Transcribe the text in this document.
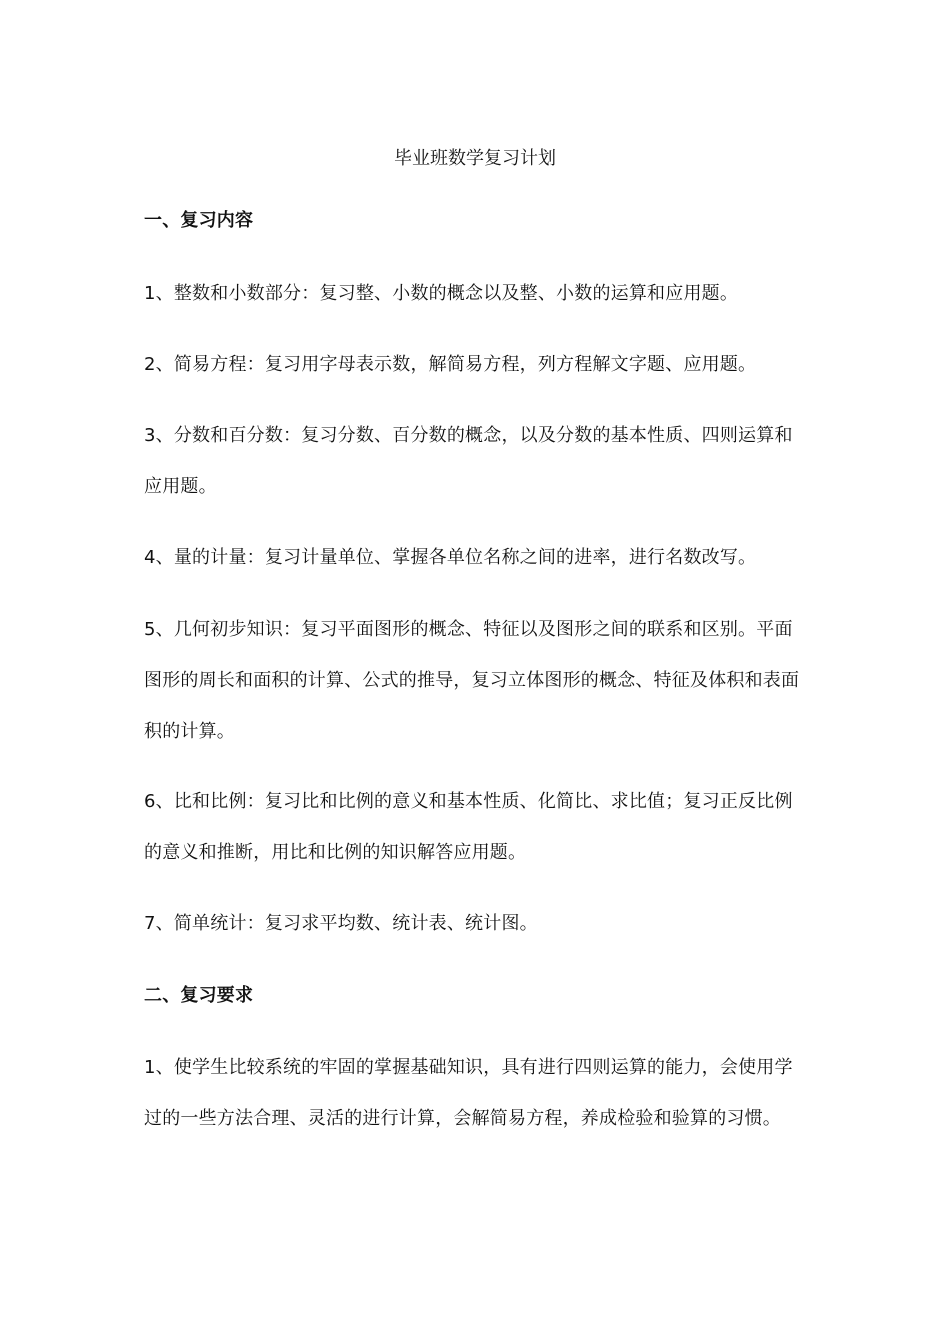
毕业班数学复习计划

一、复习内容

1、整数和小数部分：复习整、小数的概念以及整、小数的运算和应用题。

2、简易方程：复习用字母表示数，解简易方程，列方程解文字题、应用题。

3、分数和百分数：复习分数、百分数的概念，以及分数的基本性质、四则运算和应用题。

4、量的计量：复习计量单位、掌握各单位名称之间的进率，进行名数改写。

5、几何初步知识：复习平面图形的概念、特征以及图形之间的联系和区别。平面图形的周长和面积的计算、公式的推导，复习立体图形的概念、特征及体积和表面积的计算。

6、比和比例：复习比和比例的意义和基本性质、化简比、求比值；复习正反比例的意义和推断，用比和比例的知识解答应用题。

7、简单统计：复习求平均数、统计表、统计图。

二、复习要求

1、使学生比较系统的牢固的掌握基础知识，具有进行四则运算的能力，会使用学过的一些方法合理、灵活的进行计算，会解简易方程，养成检验和验算的习惯。
